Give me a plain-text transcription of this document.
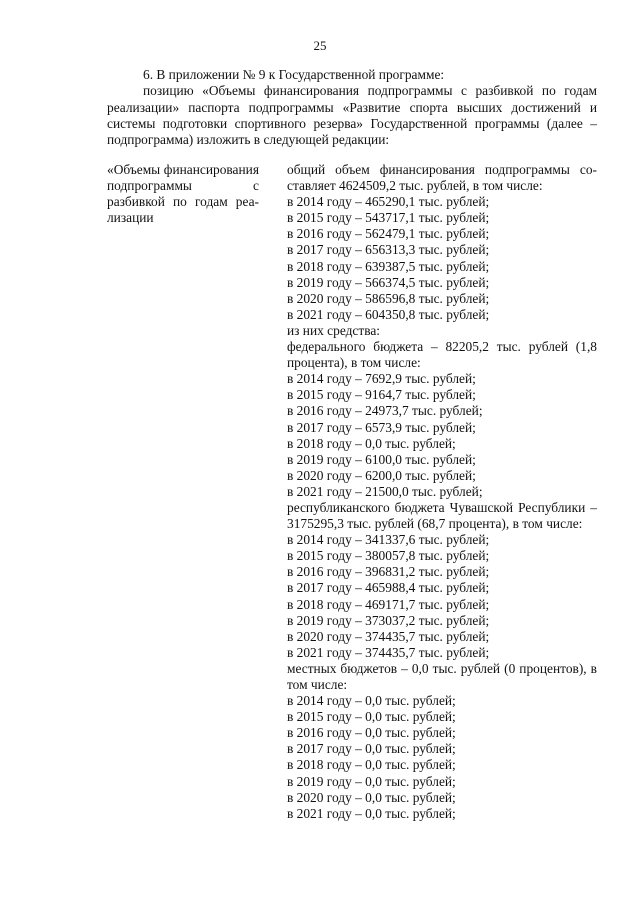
25

6. В приложении № 9 к Государственной программе:

позицию «Объемы финансирования подпрограммы с разбивкой по годам реализации» паспорта подпрограммы «Развитие спорта высших достижений и системы подготовки спортивного резерва» Государственной программы (далее – подпрограмма) изложить в следующей редакции:

«Объемы финансирования подпрограммы с разбивкой по годам реализации
общий объем финансирования подпрограммы составляет 4624509,2 тыс. рублей, в том числе:
в 2014 году – 465290,1 тыс. рублей;
в 2015 году – 543717,1 тыс. рублей;
в 2016 году – 562479,1 тыс. рублей;
в 2017 году – 656313,3 тыс. рублей;
в 2018 году – 639387,5 тыс. рублей;
в 2019 году – 566374,5 тыс. рублей;
в 2020 году – 586596,8 тыс. рублей;
в 2021 году – 604350,8 тыс. рублей;
из них средства:
федерального бюджета – 82205,2 тыс. рублей (1,8 процента), в том числе:
в 2014 году – 7692,9 тыс. рублей;
в 2015 году – 9164,7 тыс. рублей;
в 2016 году – 24973,7 тыс. рублей;
в 2017 году – 6573,9 тыс. рублей;
в 2018 году – 0,0 тыс. рублей;
в 2019 году – 6100,0 тыс. рублей;
в 2020 году – 6200,0 тыс. рублей;
в 2021 году – 21500,0 тыс. рублей;
республиканского бюджета Чувашской Республики – 3175295,3 тыс. рублей (68,7 процента), в том числе:
в 2014 году – 341337,6 тыс. рублей;
в 2015 году – 380057,8 тыс. рублей;
в 2016 году – 396831,2 тыс. рублей;
в 2017 году – 465988,4 тыс. рублей;
в 2018 году – 469171,7 тыс. рублей;
в 2019 году – 373037,2 тыс. рублей;
в 2020 году – 374435,7 тыс. рублей;
в 2021 году – 374435,7 тыс. рублей;
местных бюджетов – 0,0 тыс. рублей (0 процентов), в том числе:
в 2014 году – 0,0 тыс. рублей;
в 2015 году – 0,0 тыс. рублей;
в 2016 году – 0,0 тыс. рублей;
в 2017 году – 0,0 тыс. рублей;
в 2018 году – 0,0 тыс. рублей;
в 2019 году – 0,0 тыс. рублей;
в 2020 году – 0,0 тыс. рублей;
в 2021 году – 0,0 тыс. рублей;
